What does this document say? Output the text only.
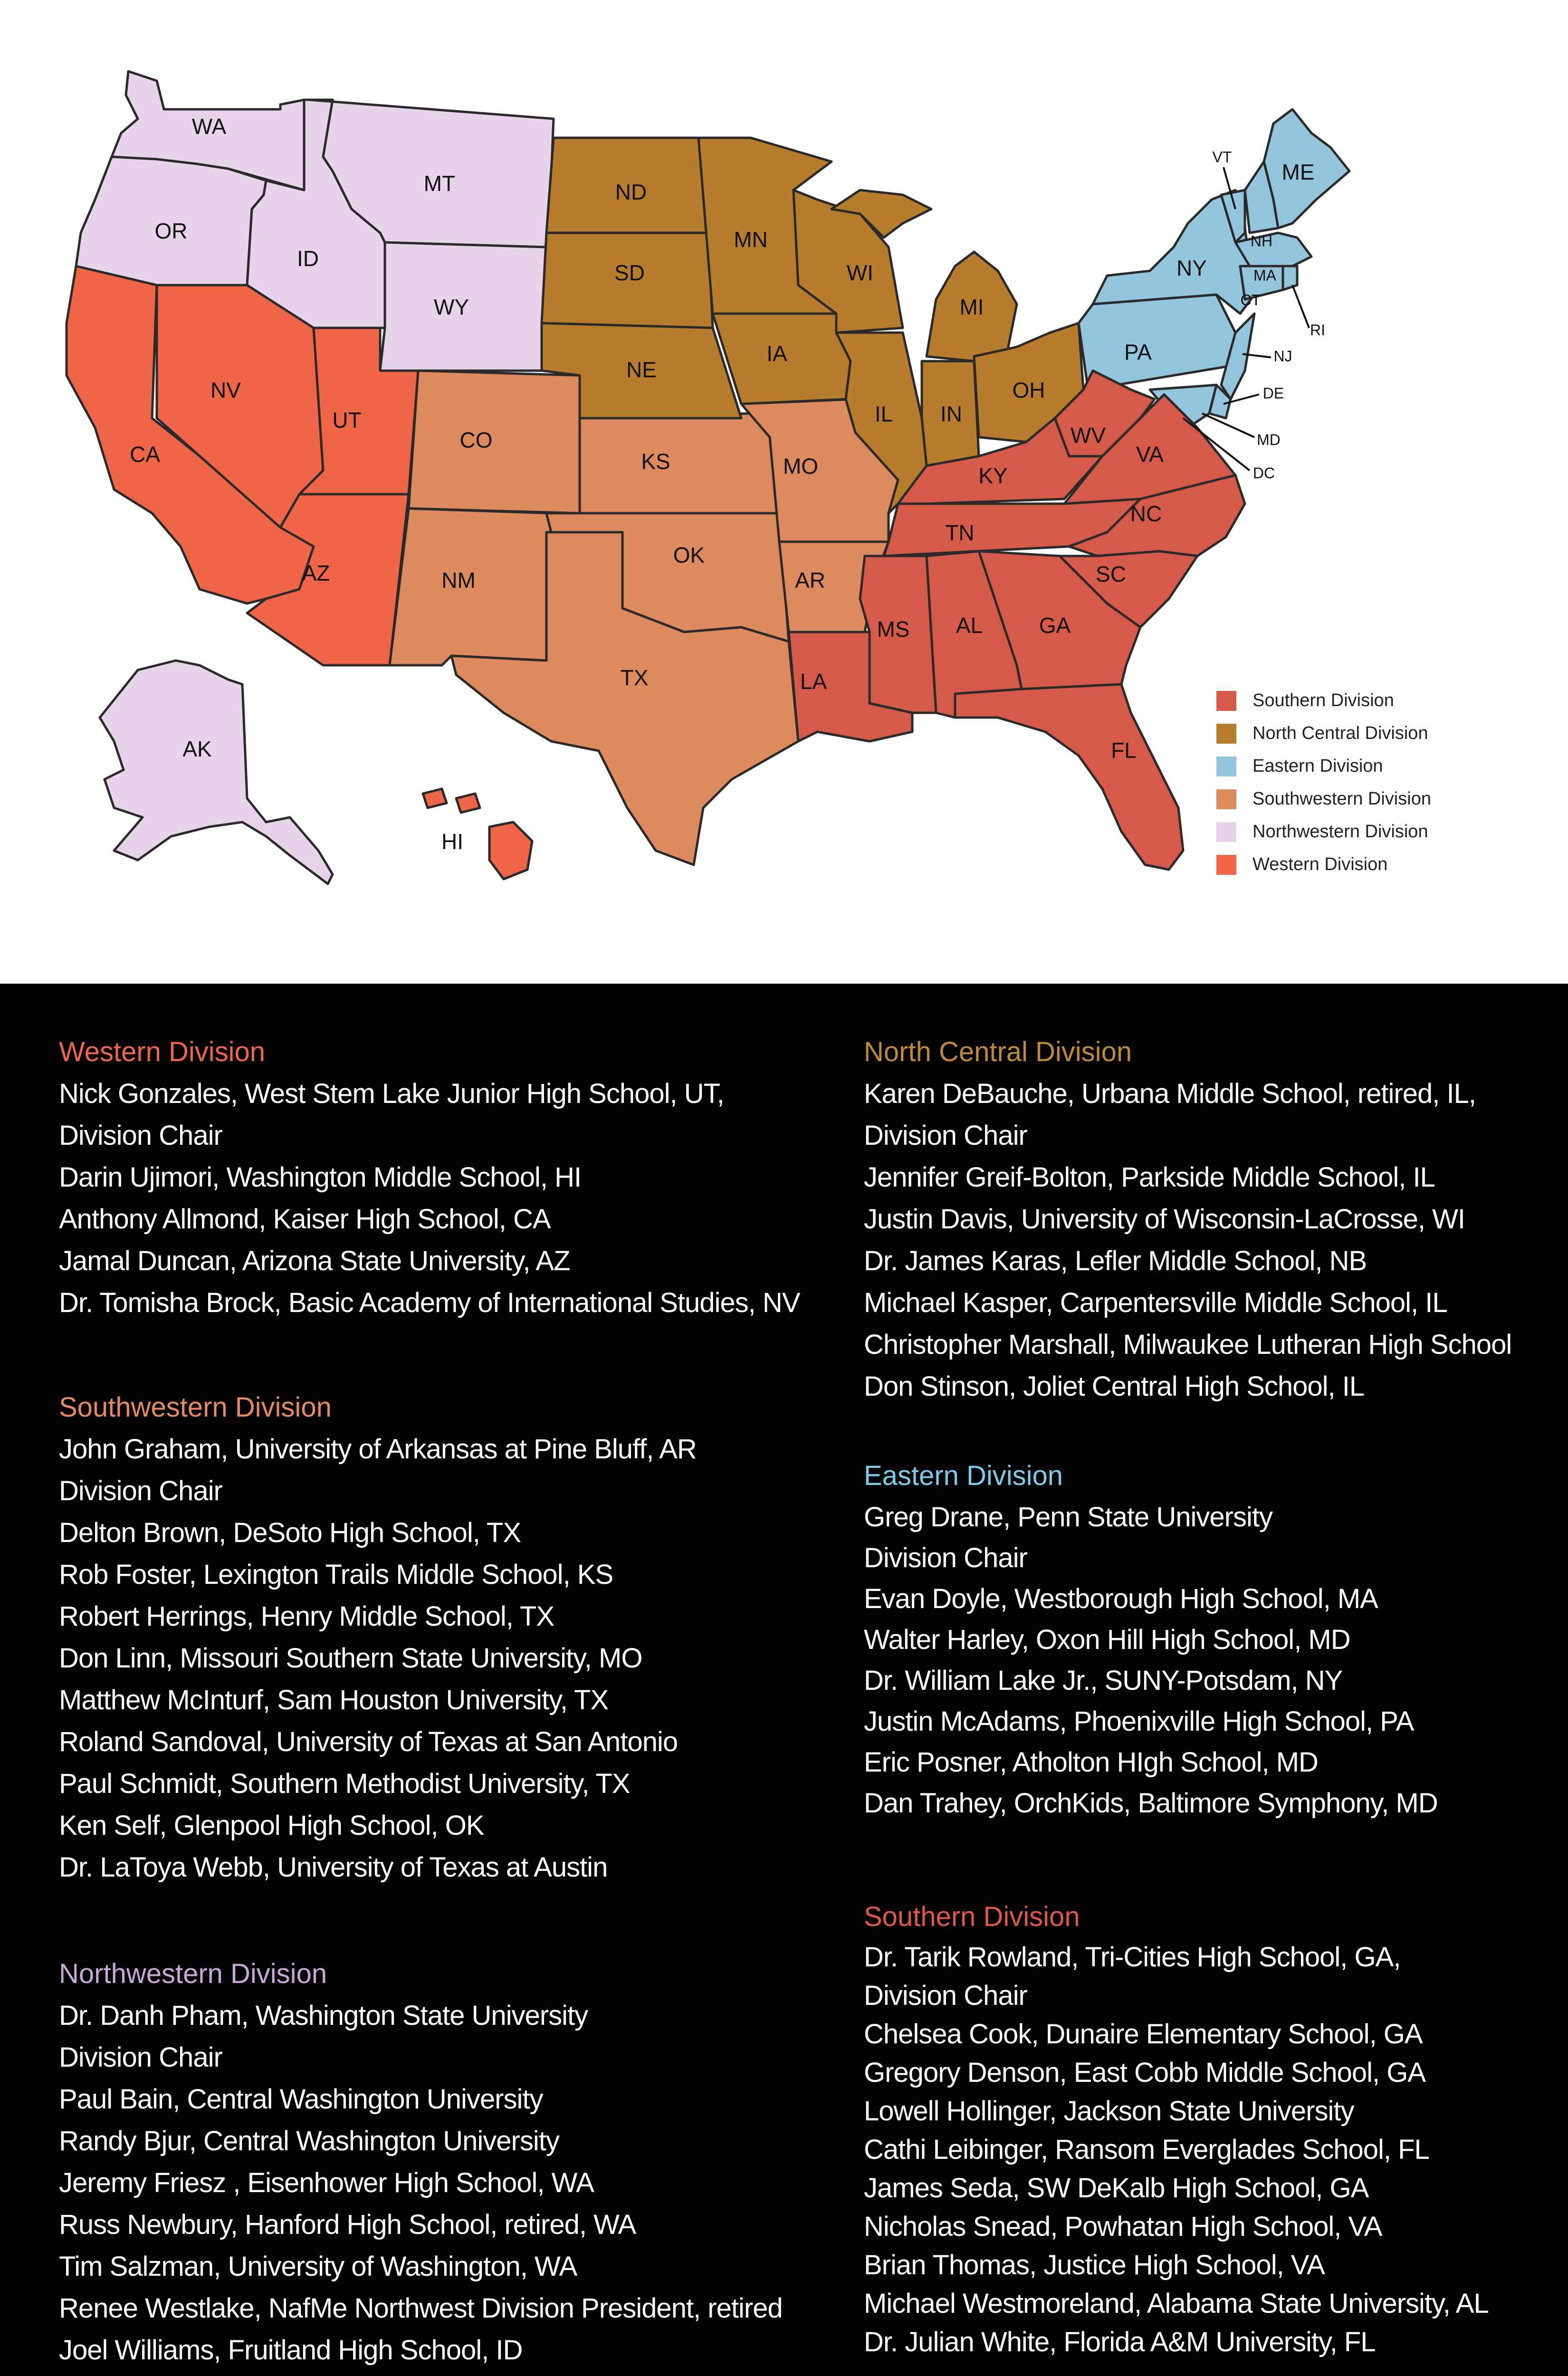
WA
OR
ID
MT
WY
CA
NV
UT
AZ
HI
AK
ND
SD
NE
MN
IA
WI
IL IN
MI
OH
CO
KS	MO
NM
OK
AR
TX	LA
MS AL	GA
FL
SC
NC
TN
KY
WV
VA
PA
NY
VT
NH
ME
MA
CT
RI
NJ
DE
MD
DC
Southern Division
North Central Division
Eastern Division
Southwestern Division
Northwestern Division
Western Division
Western Division
Nick Gonzales, West Stem Lake Junior High School, UT,
Division Chair
Darin Ujimori, Washington Middle School, HI
Anthony Allmond, Kaiser High School, CA
Jamal Duncan, Arizona State University, AZ
Dr. Tomisha Brock, Basic Academy of International Studies, NV
Southwestern Division
John Graham, University of Arkansas at Pine Bluff, AR
Division Chair
Delton Brown, DeSoto High School, TX
Rob Foster, Lexington Trails Middle School, KS
Robert Herrings, Henry Middle School, TX
Don Linn, Missouri Southern State University, MO
Matthew McInturf, Sam Houston University, TX
Roland Sandoval, University of Texas at San Antonio
Paul Schmidt, Southern Methodist University, TX
Ken Self, Glenpool High School, OK
Dr. LaToya Webb, University of Texas at Austin
Northwestern Division
Dr. Danh Pham, Washington State University
Division Chair
Paul Bain, Central Washington University
Randy Bjur, Central Washington University
Jeremy Friesz , Eisenhower High School, WA
Russ Newbury, Hanford High School, retired, WA
Tim Salzman, University of Washington, WA
Renee Westlake, NafMe Northwest Division President, retired
Joel Williams, Fruitland High School, ID
North Central Division
Karen DeBauche, Urbana Middle School, retired, IL,
Division Chair
Jennifer Greif-Bolton, Parkside Middle School, IL
Justin Davis, University of Wisconsin-LaCrosse, WI
Dr. James Karas, Lefler Middle School, NB
Michael Kasper, Carpentersville Middle School, IL
Christopher Marshall, Milwaukee Lutheran High School
Don Stinson, Joliet Central High School, IL
Eastern Division
Greg Drane, Penn State University
Division Chair
Evan Doyle, Westborough High School, MA
Walter Harley, Oxon Hill High School, MD
Dr. William Lake Jr., SUNY-Potsdam, NY
Justin McAdams, Phoenixville High School, PA
Eric Posner, Atholton HIgh School, MD
Dan Trahey, OrchKids, Baltimore Symphony, MD
Southern Division
Dr. Tarik Rowland, Tri-Cities High School, GA,
Division Chair
Chelsea Cook, Dunaire Elementary School, GA
Gregory Denson, East Cobb Middle School, GA
Lowell Hollinger, Jackson State University
Cathi Leibinger, Ransom Everglades School, FL
James Seda, SW DeKalb High School, GA
Nicholas Snead, Powhatan High School, VA
Brian Thomas, Justice High School, VA
Michael Westmoreland, Alabama State University, AL
Dr. Julian White, Florida A&M University, FL
